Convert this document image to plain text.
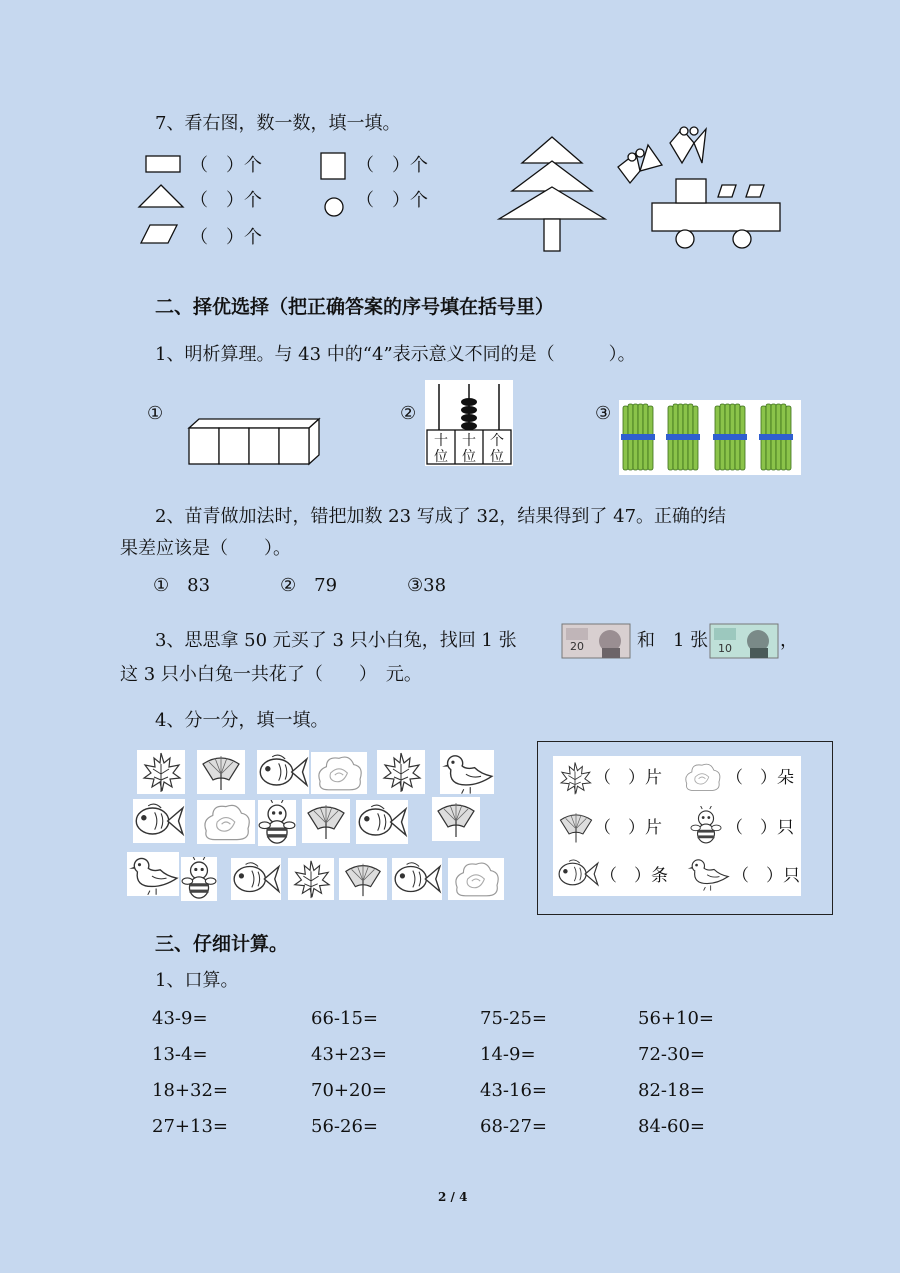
7、看右图，数一数，填一填。
（　）个
（　）个
（　）个
（　）个
（　）个
二、择优选择（把正确答案的序号填在括号里）
1、明析算理。与 43 中的“4”表示意义不同的是（　　　）。
①	②
十
位
十
位
个
位
③
2、苗青做加法时，错把加数 23 写成了 32，结果得到了 47。正确的结
果差应该是（　　）。
①　83	②　79	③38
3、思思拿 50 元买了 3 只小白兔，找回 1 张	20	和　1 张 10	，
这 3 只小白兔一共花了（　　）　元。
4、分一分，填一填。
（　）片	（　）朵
（　）片	（　）只
（　）条	（　）只
三、仔细计算。
1、口算。
43-9=	66-15=	75-25=	56+10=
13-4=	43+23=	14-9=	72-30=
18+32=	70+20=	43-16=	82-18=
27+13=	56-26=	68-27=	84-60=
2 / 4
